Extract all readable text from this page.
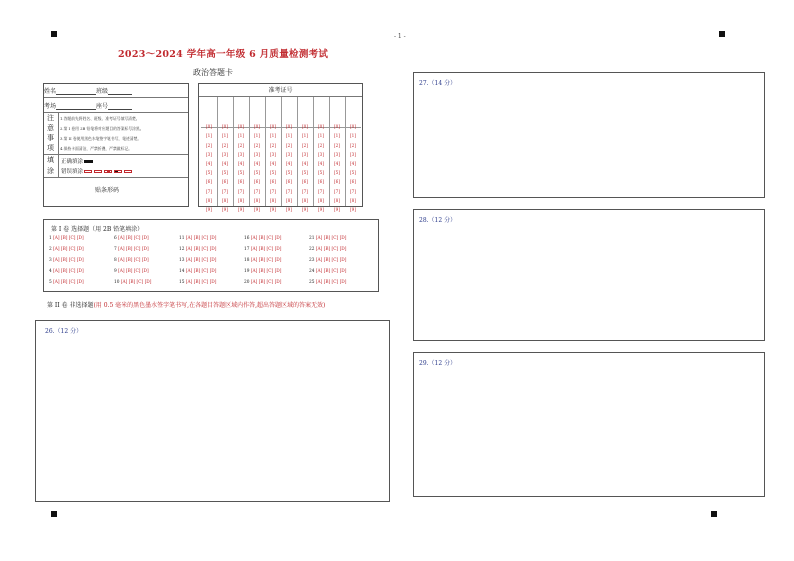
- 1 -
2023～2024 学年高一年级 6 月质量检测考试
政治答题卡
姓名	班级
考场	座号
注
意
事
项
1.答题前先将姓名、班级、准考证号填写清楚。
2.第 I 卷用 2B 铅笔将对应题目的答案标号涂黑。
3.第 II 卷使用黑色水笔签字笔书写，笔迹清楚。
4.保持卡面清洁，严禁折叠，严禁做标记。
填
涂
正确填涂
错误填涂
贴条形码
准考证号
[0]
[1]
[2]
[3]
[4]
[5]
[6]
[7]
[8]
[9]
[0]
[1]
[2]
[3]
[4]
[5]
[6]
[7]
[8]
[9]
[0]
[1]
[2]
[3]
[4]
[5]
[6]
[7]
[8]
[9]
[0]
[1]
[2]
[3]
[4]
[5]
[6]
[7]
[8]
[9]
[0]
[1]
[2]
[3]
[4]
[5]
[6]
[7]
[8]
[9]
[0]
[1]
[2]
[3]
[4]
[5]
[6]
[7]
[8]
[9]
[0]
[1]
[2]
[3]
[4]
[5]
[6]
[7]
[8]
[9]
[0]
[1]
[2]
[3]
[4]
[5]
[6]
[7]
[8]
[9]
[0]
[1]
[2]
[3]
[4]
[5]
[6]
[7]
[8]
[9]
[0]
[1]
[2]
[3]
[4]
[5]
[6]
[7]
[8]
[9]
第 I 卷 选择题（用 2B 铅笔填涂）
1 [A] [B] [C] [D]	6 [A] [B] [C] [D]	11 [A] [B] [C] [D]	16 [A] [B] [C] [D]	21 [A] [B] [C] [D]
2 [A] [B] [C] [D]	7 [A] [B] [C] [D]	12 [A] [B] [C] [D]	17 [A] [B] [C] [D]	22 [A] [B] [C] [D]
3 [A] [B] [C] [D]	8 [A] [B] [C] [D]	13 [A] [B] [C] [D]	18 [A] [B] [C] [D]	23 [A] [B] [C] [D]
4 [A] [B] [C] [D]	9 [A] [B] [C] [D]	14 [A] [B] [C] [D]	19 [A] [B] [C] [D]	24 [A] [B] [C] [D]
5 [A] [B] [C] [D]	10 [A] [B] [C] [D]	15 [A] [B] [C] [D]	20 [A] [B] [C] [D]	25 [A] [B] [C] [D]
第 II 卷 非选择题(用 0.5 毫米的黑色墨水签字笔书写,在各题目答题区域内作答,超出答题区域的答案无效)
26.（12 分）
27.（14 分）
28.（12 分）
29.（12 分）
